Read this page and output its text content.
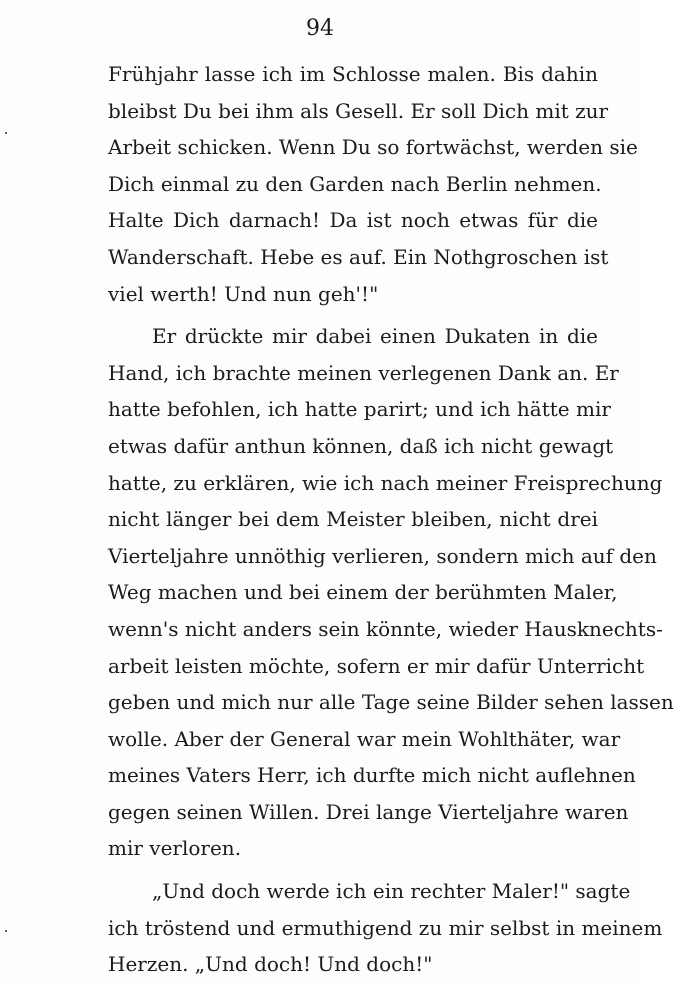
94
Frühjahr lasse ich im Schlosse malen. Bis dahin
bleibst Du bei ihm als Gesell. Er soll Dich mit zur
Arbeit schicken. Wenn Du so fortwächst, werden sie
Dich einmal zu den Garden nach Berlin nehmen.
Halte Dich darnach! Da ist noch etwas für die
Wanderschaft. Hebe es auf. Ein Nothgroschen ist
viel werth! Und nun geh'!"
Er drückte mir dabei einen Dukaten in die
Hand, ich brachte meinen verlegenen Dank an. Er
hatte befohlen, ich hatte parirt; und ich hätte mir
etwas dafür anthun können, daß ich nicht gewagt
hatte, zu erklären, wie ich nach meiner Freisprechung
nicht länger bei dem Meister bleiben, nicht drei
Vierteljahre unnöthig verlieren, sondern mich auf den
Weg machen und bei einem der berühmten Maler,
wenn's nicht anders sein könnte, wieder Hausknechts-
arbeit leisten möchte, sofern er mir dafür Unterricht
geben und mich nur alle Tage seine Bilder sehen lassen
wolle. Aber der General war mein Wohlthäter, war
meines Vaters Herr, ich durfte mich nicht auflehnen
gegen seinen Willen. Drei lange Vierteljahre waren
mir verloren.
„Und doch werde ich ein rechter Maler!" sagte
ich tröstend und ermuthigend zu mir selbst in meinem
Herzen. „Und doch! Und doch!"
